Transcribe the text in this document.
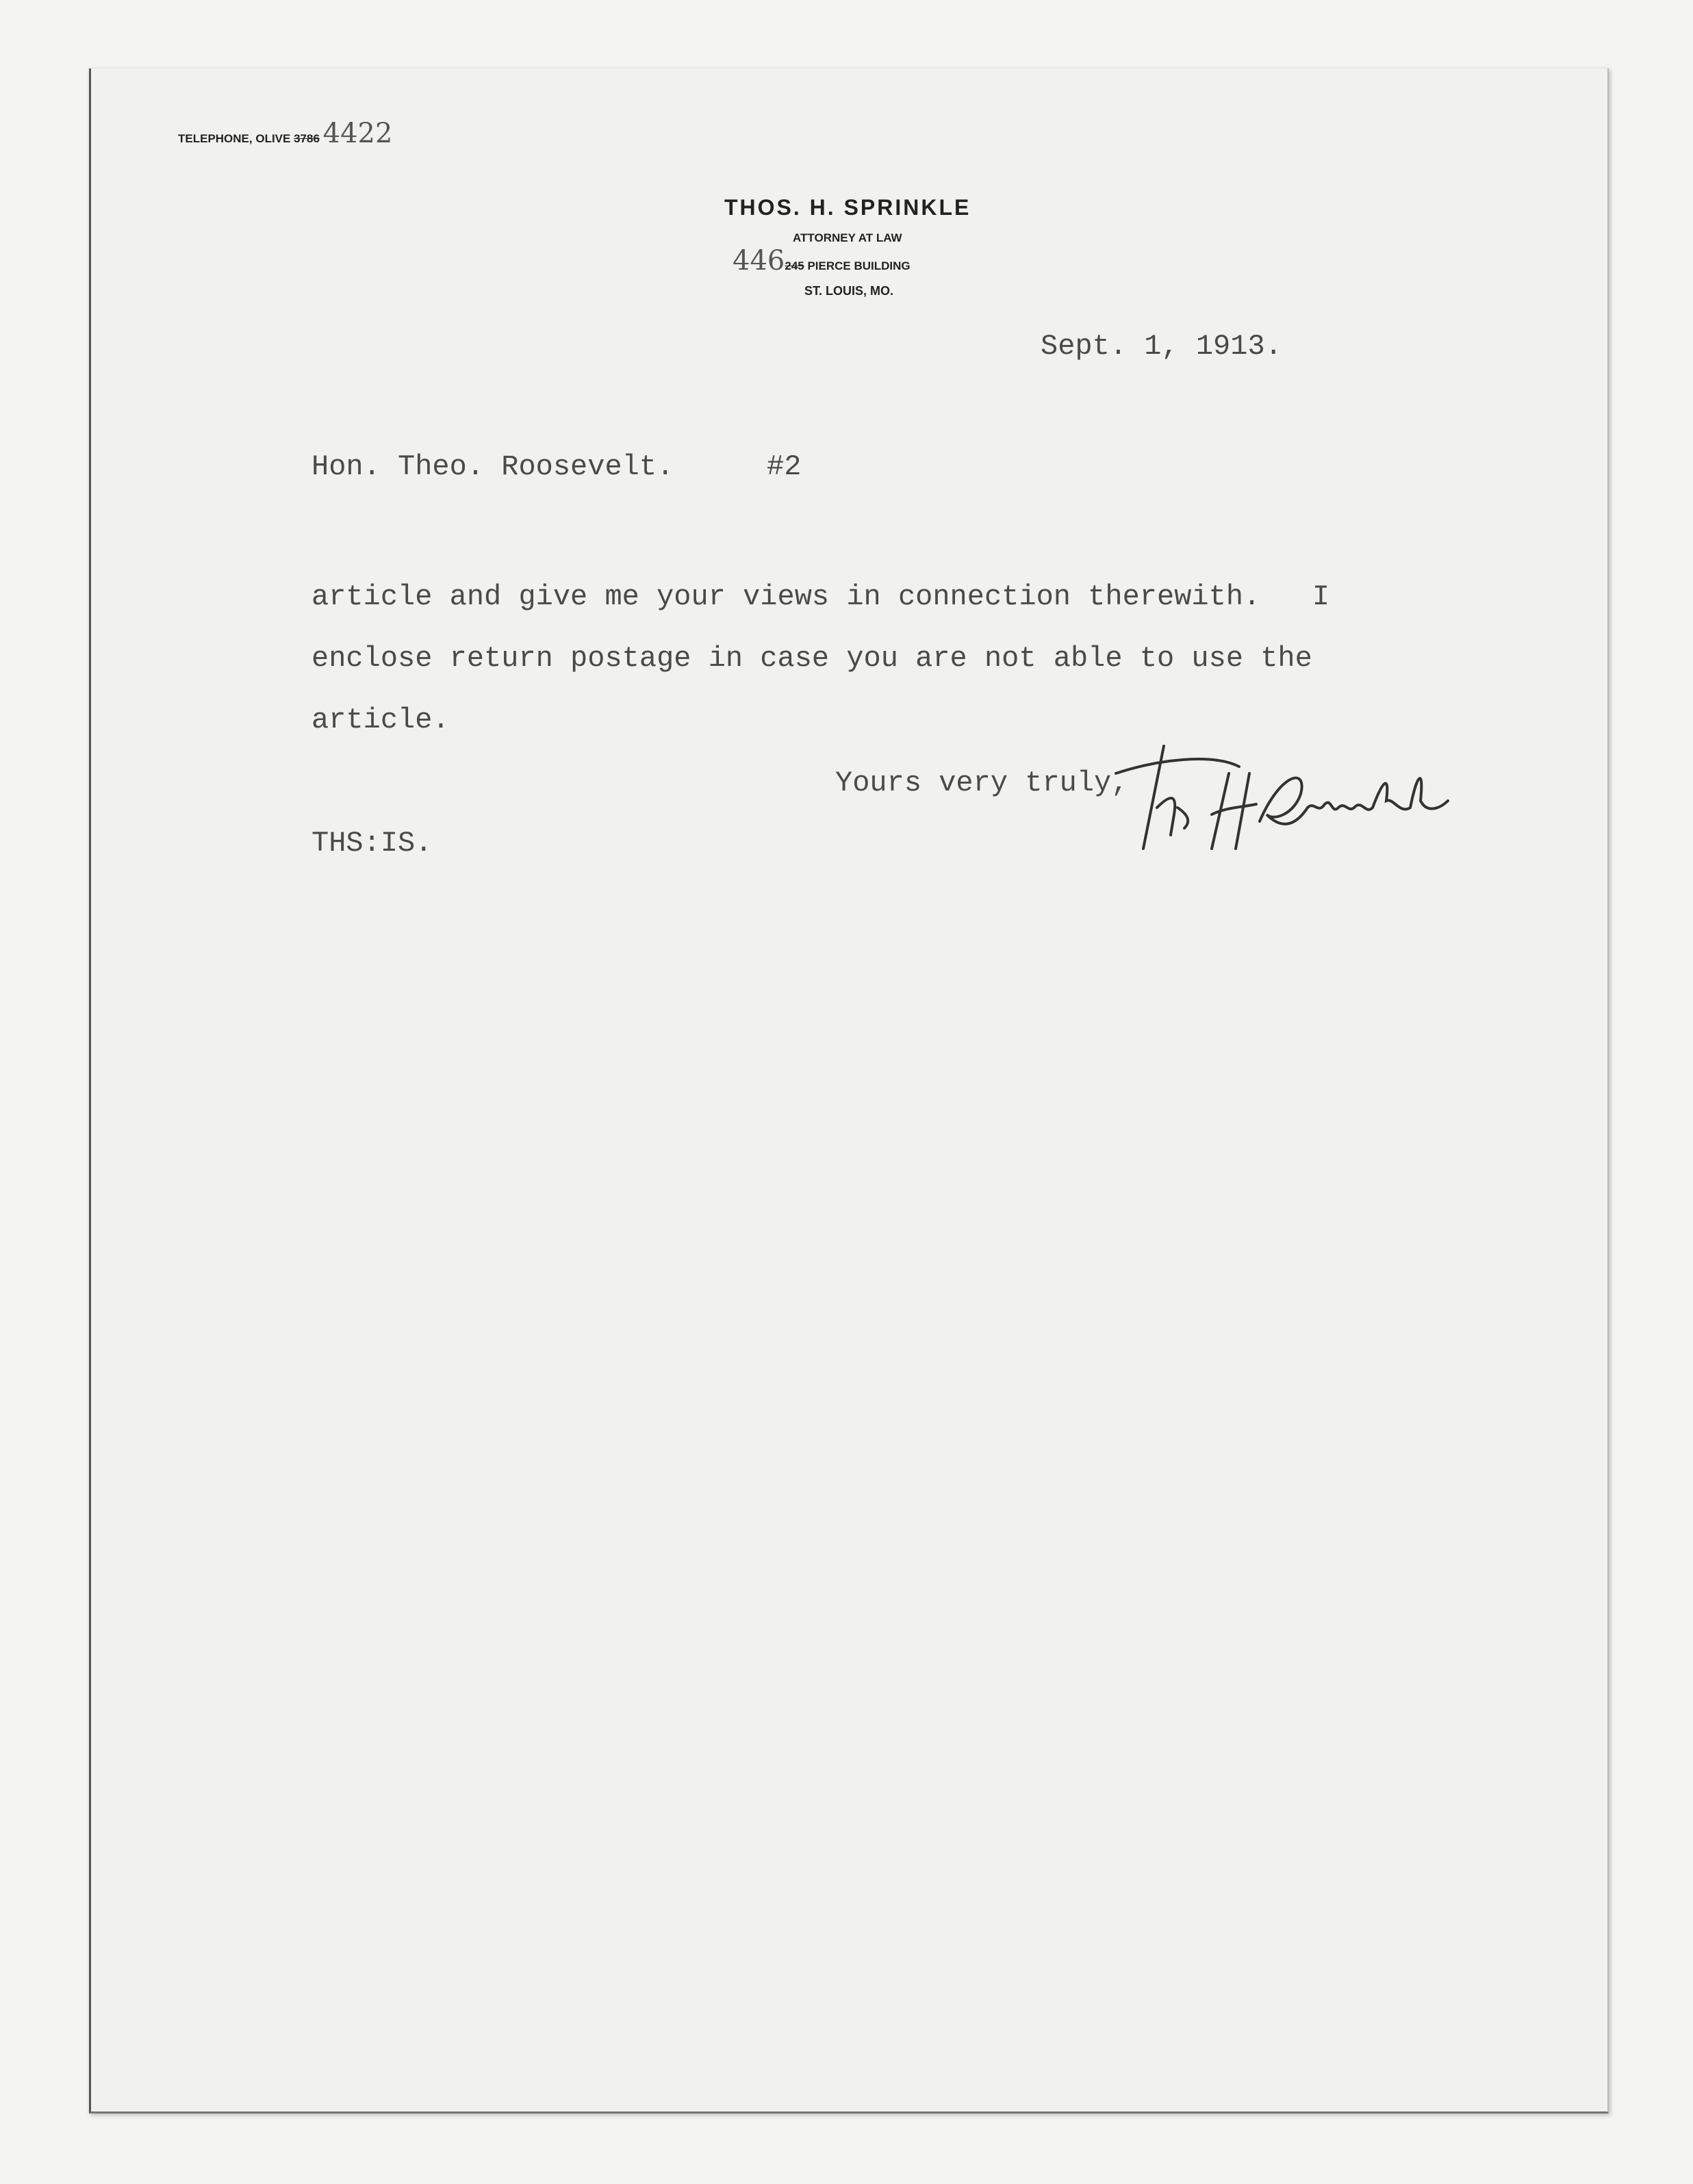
TELEPHONE, OLIVE 3786 4422
THOS. H. SPRINKLE
ATTORNEY AT LAW
446245 PIERCE BUILDING
ST. LOUIS, MO.
Sept. 1, 1913.
Hon. Theo. Roosevelt.	#2
article and give me your views in connection therewith.   I
enclose return postage in case you are not able to use the
article.
Yours very truly,
THS:IS.
